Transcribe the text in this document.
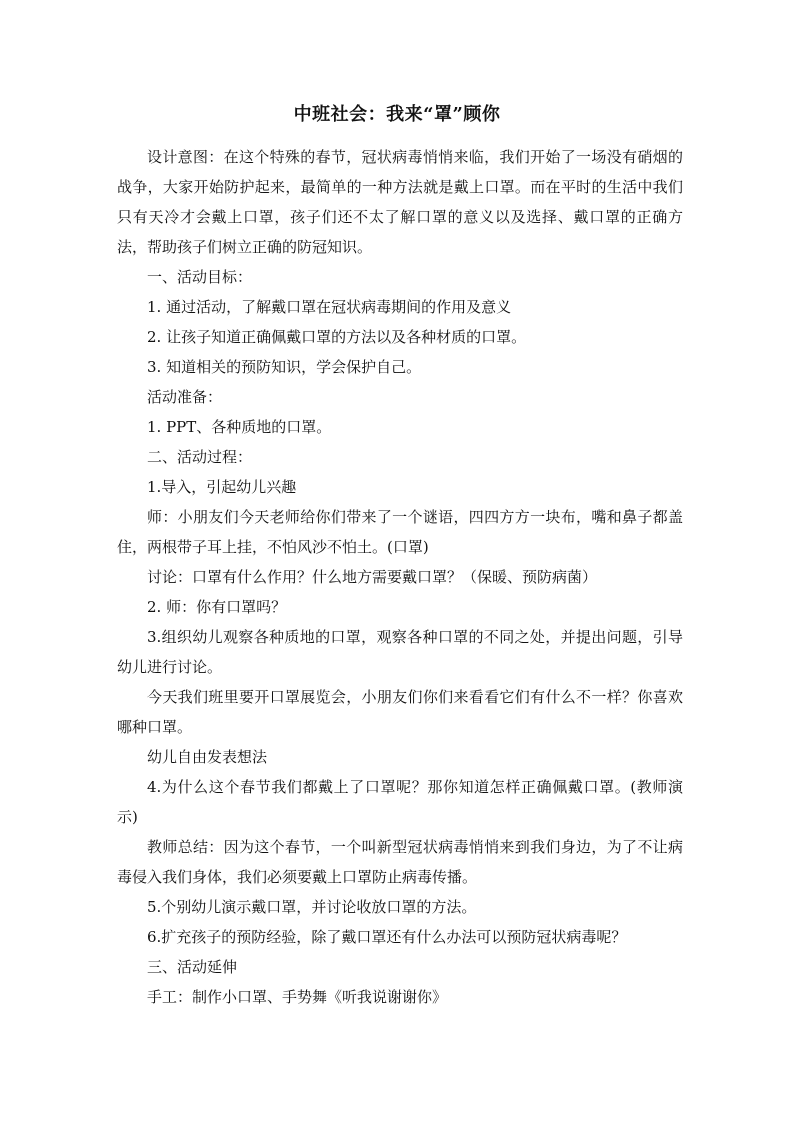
中班社会：我来“罩”顾你

设计意图：在这个特殊的春节，冠状病毒悄悄来临，我们开始了一场没有硝烟的战争，大家开始防护起来，最简单的一种方法就是戴上口罩。而在平时的生活中我们只有天冷才会戴上口罩，孩子们还不太了解口罩的意义以及选择、戴口罩的正确方法，帮助孩子们树立正确的防冠知识。

一、活动目标：

1. 通过活动，了解戴口罩在冠状病毒期间的作用及意义

2. 让孩子知道正确佩戴口罩的方法以及各种材质的口罩。

3. 知道相关的预防知识，学会保护自己。

活动准备：

1. PPT、各种质地的口罩。

二、活动过程：

1.导入，引起幼儿兴趣

师：小朋友们今天老师给你们带来了一个谜语，四四方方一块布，嘴和鼻子都盖住，两根带子耳上挂，不怕风沙不怕土。(口罩)

讨论：口罩有什么作用？什么地方需要戴口罩？（保暖、预防病菌）

2. 师：你有口罩吗？

3.组织幼儿观察各种质地的口罩，观察各种口罩的不同之处，并提出问题，引导幼儿进行讨论。

今天我们班里要开口罩展览会，小朋友们你们来看看它们有什么不一样？你喜欢哪种口罩。

幼儿自由发表想法

4.为什么这个春节我们都戴上了口罩呢？那你知道怎样正确佩戴口罩。(教师演示)

教师总结：因为这个春节，一个叫新型冠状病毒悄悄来到我们身边，为了不让病毒侵入我们身体，我们必须要戴上口罩防止病毒传播。

5.个别幼儿演示戴口罩，并讨论收放口罩的方法。

6.扩充孩子的预防经验，除了戴口罩还有什么办法可以预防冠状病毒呢？

三、活动延伸

手工：制作小口罩、手势舞《听我说谢谢你》
